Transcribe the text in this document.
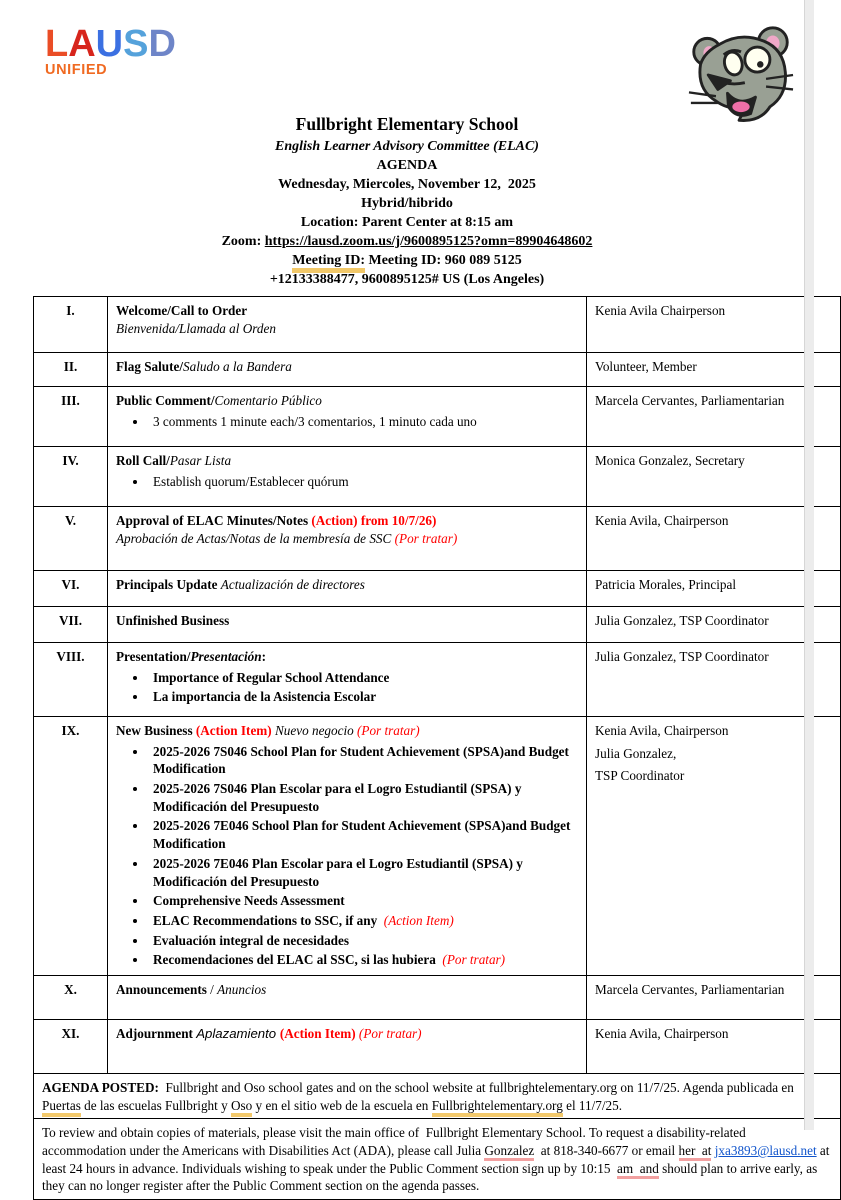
LAUSD
UNIFIED
Fullbright Elementary School
English Learner Advisory Committee (ELAC)
AGENDA
Wednesday, Miercoles, November 12,  2025
Hybrid/hibrido
Location: Parent Center at 8:15 am
Zoom: https://lausd.zoom.us/j/9600895125?omn=89904648602
Meeting ID: Meeting ID: 960 089 5125
+12133388477, 9600895125# US (Los Angeles)
I.	Welcome/Call to Order
Bienvenida/Llamada al Orden	Kenia Avila Chairperson

II.	Flag Salute/Saludo a la Bandera	Volunteer, Member

III.	Public Comment/Comentario Público
• 3 comments 1 minute each/3 comentarios, 1 minuto cada uno

Marcela Cervantes, Parliamentarian

IV.	Roll Call/Pasar Lista
• Establish quorum/Establecer quórum

Monica Gonzalez, Secretary

V.	Approval of ELAC Minutes/Notes (Action) from 10/7/26)
Aprobación de Actas/Notas de la membresía de SSC (Por tratar)	Kenia Avila, Chairperson

VI.	Principals Update Actualización de directores	Patricia Morales, Principal

VII.	Unfinished Business	Julia Gonzalez, TSP Coordinator

VIII.	Presentation/Presentación:
• Importance of Regular School Attendance
• La importancia de la Asistencia Escolar

Julia Gonzalez, TSP Coordinator

IX.	New Business (Action Item) Nuevo negocio (Por tratar)
• 2025-2026 7S046 School Plan for Student Achievement (SPSA)and Budget Modification
• 2025-2026 7S046 Plan Escolar para el Logro Estudiantil (SPSA) y Modificación del Presupuesto
• 2025-2026 7E046 School Plan for Student Achievement (SPSA)and Budget Modification
• 2025-2026 7E046 Plan Escolar para el Logro Estudiantil (SPSA) y Modificación del Presupuesto
• Comprehensive Needs Assessment
• ELAC Recommendations to SSC, if any  (Action Item)
• Evaluación integral de necesidades
• Recomendaciones del ELAC al SSC, si las hubiera  (Por tratar)

Kenia Avila, Chairperson
Julia Gonzalez,
TSP Coordinator

X.	Announcements / Anuncios	Marcela Cervantes, Parliamentarian

XI.	Adjournment Aplazamiento (Action Item) (Por tratar)	Kenia Avila, Chairperson

AGENDA POSTED:  Fullbright and Oso school gates and on the school website at fullbrightelementary.org on 11/7/25. Agenda publicada en Puertas de las escuelas Fullbright y Oso y en el sitio web de la escuela en Fullbrightelementary.org el 11/7/25.		
To review and obtain copies of materials, please visit the main office of  Fullbright Elementary School. To request a disability-related accommodation under the Americans with Disabilities Act (ADA), please call Julia Gonzalez  at 818-340-6677 or email her  at jxa3893@lausd.net at least 24 hours in advance. Individuals wishing to speak under the Public Comment section sign up by 10:15  am  and should plan to arrive early, as they can no longer register after the Public Comment section on the agenda passes.		
